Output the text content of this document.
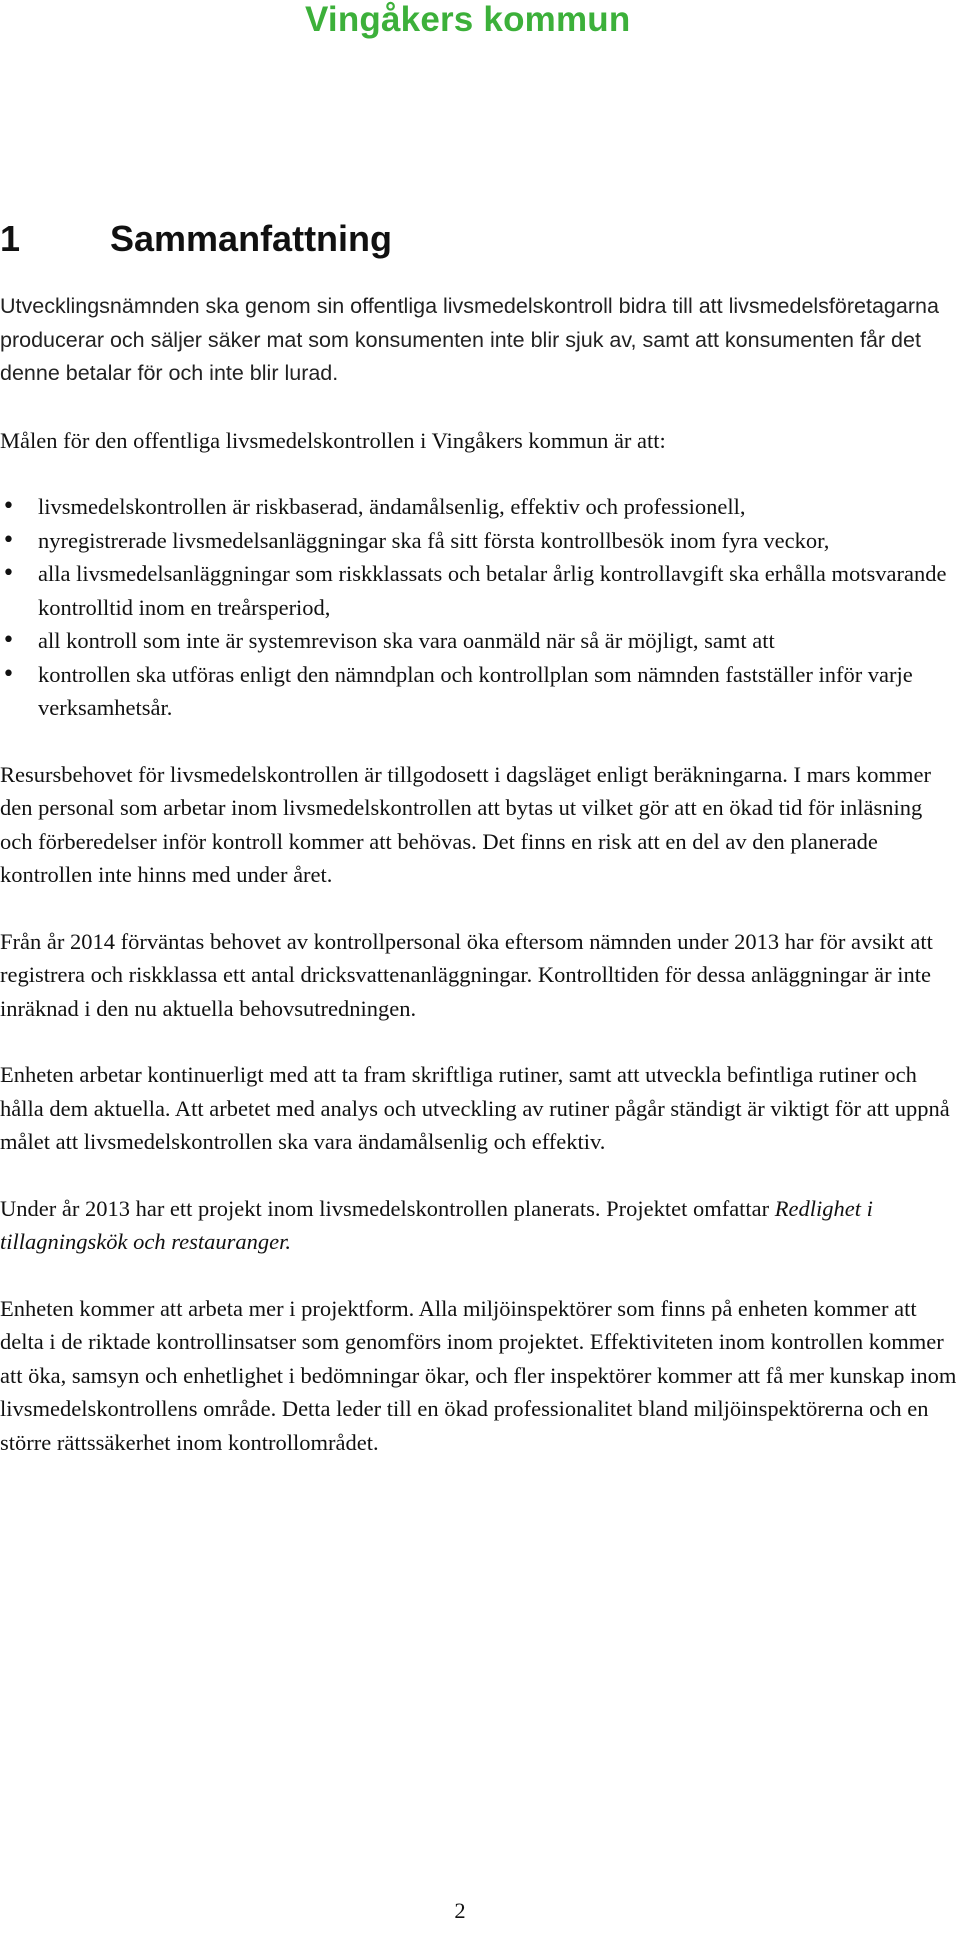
Vingåkers kommun
1 Sammanfattning

Utvecklingsnämnden ska genom sin offentliga livsmedelskontroll bidra till att livsmedelsföretagarna producerar och säljer säker mat som konsumenten inte blir sjuk av, samt att konsumenten får det denne betalar för och inte blir lurad.

Målen för den offentliga livsmedelskontrollen i Vingåkers kommun är att:

• livsmedelskontrollen är riskbaserad, ändamålsenlig, effektiv och professionell,
• nyregistrerade livsmedelsanläggningar ska få sitt första kontrollbesök inom fyra veckor,
• alla livsmedelsanläggningar som riskklassats och betalar årlig kontrollavgift ska erhålla motsvarande kontrolltid inom en treårsperiod,
• all kontroll som inte är systemrevison ska vara oanmäld när så är möjligt, samt att
• kontrollen ska utföras enligt den nämndplan och kontrollplan som nämnden fastställer inför varje verksamhetsår.

Resursbehovet för livsmedelskontrollen är tillgodosett i dagsläget enligt beräkningarna. I mars kommer den personal som arbetar inom livsmedelskontrollen att bytas ut vilket gör att en ökad tid för inläsning och förberedelser inför kontroll kommer att behövas. Det finns en risk att en del av den planerade kontrollen inte hinns med under året.

Från år 2014 förväntas behovet av kontrollpersonal öka eftersom nämnden under 2013 har för avsikt att registrera och riskklassa ett antal dricksvattenanläggningar. Kontrolltiden för dessa anläggningar är inte inräknad i den nu aktuella behovsutredningen.

Enheten arbetar kontinuerligt med att ta fram skriftliga rutiner, samt att utveckla befintliga rutiner och hålla dem aktuella. Att arbetet med analys och utveckling av rutiner pågår ständigt är viktigt för att uppnå målet att livsmedelskontrollen ska vara ändamålsenlig och effektiv.

Under år 2013 har ett projekt inom livsmedelskontrollen planerats. Projektet omfattar Redlighet i tillagningskök och restauranger.

Enheten kommer att arbeta mer i projektform. Alla miljöinspektörer som finns på enheten kommer att delta i de riktade kontrollinsatser som genomförs inom projektet. Effektiviteten inom kontrollen kommer att öka, samsyn och enhetlighet i bedömningar ökar, och fler inspektörer kommer att få mer kunskap inom livsmedelskontrollens område. Detta leder till en ökad professionalitet bland miljöinspektörerna och en större rättssäkerhet inom kontrollområdet.

2
